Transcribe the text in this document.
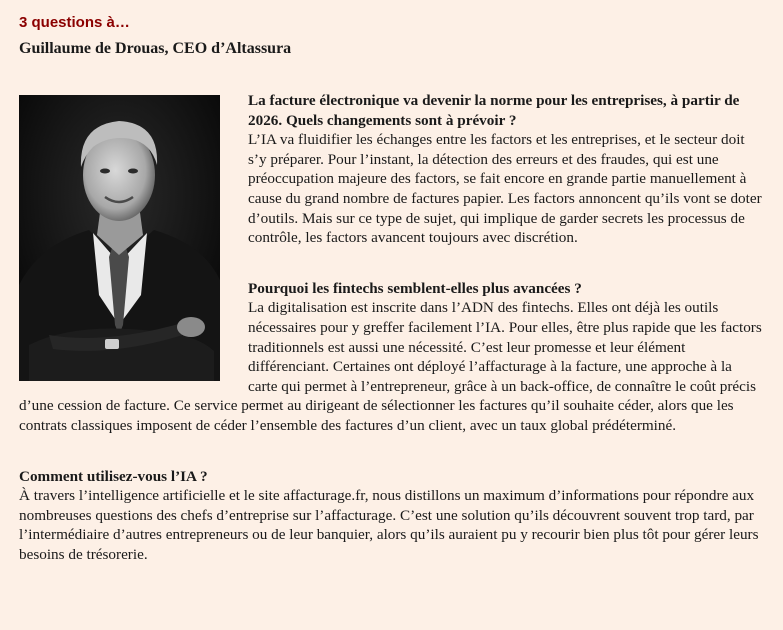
3 questions à…

Guillaume de Drouas, CEO d’Altassura

La facture électronique va devenir la norme pour les entreprises, à partir de 2026. Quels changements sont à prévoir ?

L’IA va fluidifier les échanges entre les factors et les entreprises, et le secteur doit s’y préparer. Pour l’instant, la détection des erreurs et des fraudes, qui est une préoccupation majeure des factors, se fait encore en grande partie manuellement à cause du grand nombre de factures papier. Les factors annoncent qu’ils vont se doter d’outils. Mais sur ce type de sujet, qui implique de garder secrets les processus de contrôle, les factors avancent toujours avec discrétion.

Pourquoi les fintechs semblent-elles plus avancées ?

La digitalisation est inscrite dans l’ADN des fintechs. Elles ont déjà les outils nécessaires pour y greffer facilement l’IA. Pour elles, être plus rapide que les factors traditionnels est aussi une nécessité. C’est leur promesse et leur élément différenciant. Certaines ont déployé l’affacturage à la facture, une approche à la carte qui permet à l’entrepreneur, grâce à un back-office, de connaître le coût précis d’une cession de facture. Ce service permet au dirigeant de sélectionner les factures qu’il souhaite céder, alors que les contrats classiques imposent de céder l’ensemble des factures d’un client, avec un taux global prédéterminé.

Comment utilisez-vous l’IA ?

À travers l’intelligence artificielle et le site affacturage.fr, nous distillons un maximum d’informations pour répondre aux nombreuses questions des chefs d’entreprise sur l’affacturage. C’est une solution qu’ils découvrent souvent trop tard, par l’intermédiaire d’autres entrepreneurs ou de leur banquier, alors qu’ils auraient pu y recourir bien plus tôt pour gérer leurs besoins de trésorerie.
